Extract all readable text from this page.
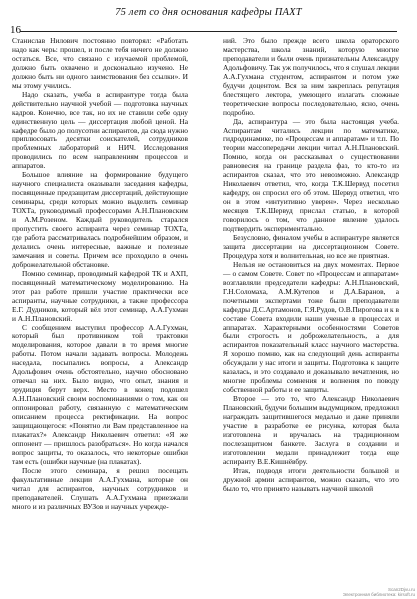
16
75 лет со дня основания кафедры ПАХТ

Станислав Нилович постоянно повторял: «Работать надо как черь: прошел, и после тебя ничего не должно остаться. Все, что связано с изучаемой проблемой, должно быть охвачено и досконально изучено. Не должно быть ни одного заимствования без ссылки». И мы этому учились.

Надо сказать, учеба в аспирантуре тогда была действительно научной учебой — подготовка научных кадров. Конечно, все так, но их не ставили себе одну единственную цель — диссертация любой ценой. На кафедре было до полусотни аспирантов, да сюда нужно приплюсовать десятки соискателей, сотрудников проблемных лабораторий и НИЧ. Исследования проводились по всем направлениям процессов и аппаратов.

Большое влияние на формирование будущего научного специалиста оказывали заседания кафедры, посвященные предзащитам диссертаций, действующие семинары, среди которых можно выделить семинар ТОХТа, руководимый профессорами А.Н.Плановским и А.М.Розеном. Каждый руководитель старался пропустить своего аспиранта через семинар ТОХТа, где работа рассматривалась подробнейшим образом, и делались очень интересные, важные и полезные замечания и советы. Причем все проходило в очень доброжелательной обстановке.

Помню семинар, проводимый кафедрой ТК и АХП, посвященный математическому моделированию. На этот раз работе пришли участие практически все аспиранты, научные сотрудники, а также профессора Е.Г. Дудников, который вёл этот семинар, А.А.Гухман и А.Н.Плановский.

С сообщением выступил профессор А.А.Гухман, который был противником той трактовки моделирования, которое давали в то время многие работы. Потом начали задавать вопросы. Молодежь наседала, посыпались вопросы, а Александр Адольфович очень обстоятельно, научно обосновано отвечал на них. Было видно, что опыт, знания и эрудиция берут верх. Место в конец подошел А.Н.Плановский своим воспоминаниями о том, как он оппонировал работу, связанную с математическим описанием процесса ректификации. На вопрос защищающегося: «Понятно ли Вам представленное на плакатах?» Александр Николаевич ответил: «Я же оппонент — пришлось разобраться». Но когда начался вопрос защиты, то оказалось, что некоторые ошибки там есть (ошибки научные (на плакатах).

После этого семинара, я решил посещать факультативные лекции А.А.Гухмана, которые он читал для аспирантов, научных сотрудников и преподавателей. Слушать А.А.Гухмана приезжали много и из различных ВУЗов и научных учрежде-

ний. Это было прежде всего школа ораторского мастерства, школа знаний, которую многие преподаватели и были очень признательны Александру Адольфовичу. Так уж получилось, что я слушал лекции А.А.Гухмана студентом, аспирантом и потом уже будучи доцентом. Вся за ним закреплась репутация блестящего лектора, умеющего излагать сложные теоретические вопросы последовательно, ясно, очень подробно.

Да, аспирантура — это была настоящая учеба. Аспирантам читались лекции по математике, гидродинамике, по «Процессам и аппаратам» и т.п. По теории массопередачи лекции читал А.Н.Плановский. Помню, когда он рассказывал о существовании равновесия на границе раздела фаз, то кто-то из аспирантов сказал, что это невозможно. Александр Николаевич ответил, что, когда Т.К.Шервуд посетил кафедру, он спросил его об этом. Шервуд ответил, что он в этом «интуитивно уверен». Через несколько месяцев Т.К.Шервуд прислал статью, в которой говорилось о том, что данное явление удалось подтвердить экспериментально.

Безусловно, финалом учебы в аспирантуре является защита диссертации на диссертационном Совете. Процедура хотя и волнительная, но все же приятная.

Нельзя не остановиться на двух моментах. Первое — о самом Совете. Совет по «Процессам и аппаратам» возглавляли председатели кафедры: А.Н.Плановский, Г.Н.Соломаха, А.М.Кутепов и Д.А.Баранов, а почетными экспертами тоже были преподаватели кафедры Д.С.Артамонов, Г.Я.Рудов, О.В.Пирогова и к в составе Совета входили наши ученые в процессах и аппаратах. Характерными особенностями Советов были строгость и доброжелательность, а для аспирантов показательный класс научного мастерства. Я хорошо помню, как на следующий день аспиранты обсуждали у нас итоги и защиты. Подготовка к защите казалась, и это создавало и доказывало вечатления, но многие проблемы сомнения и волнения по поводу собственной работы и ее защиты.

Второе — это то, что Александр Николаевич Плановский, будучи большим выдумщиком, предложил награждать защитившегося медалью и даже приняли участие в разработке ее рисунка, которая была изготовлена и вручалась на традиционном послезащитном банкете. Заслуга в создании и изготовлении медали принадлежит тогда еще аспиранту В.Е.Кишнёвбру.

Итак, подводя итоги деятельности большой и дружной армии аспирантов, можно сказать, что это было то, что принято называть научной школой

Scan2Djvu.ru
Электронная библиотека: kirsoft.ru
